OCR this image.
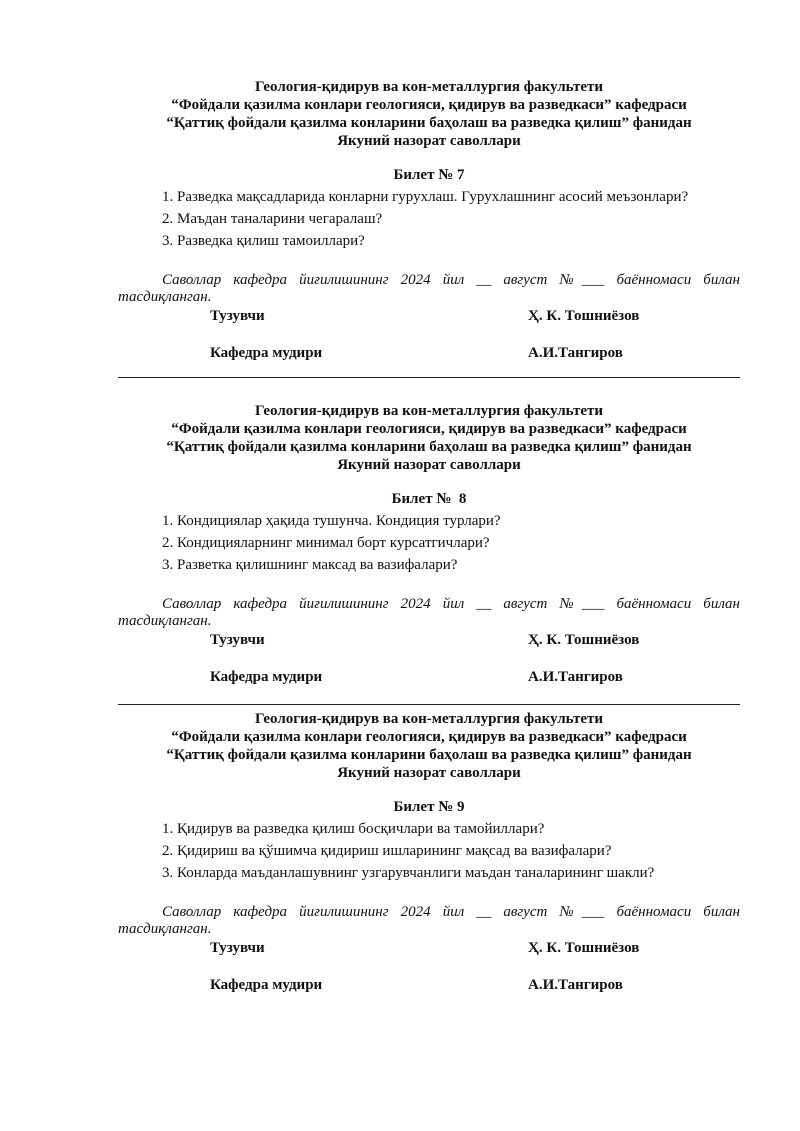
Геология-қидирув ва кон-металлургия факультети
“Фойдали қазилма конлари геологияси, қидирув ва разведкаси” кафедраси
“Қаттиқ фойдали қазилма конларини баҳолаш ва разведка қилиш” фанидан
Якуний назорат саволлари
Билет № 7
1. Разведка мақсадларида конларни гурухлаш. Гурухлашнинг асосий меъзонлари?
2. Маъдан таналарини чегаралаш?
3. Разведка қилиш тамоиллари?
Саволлар кафедра йиғилишининг 2024 йил __ август №___ баённомаси билан тасдиқланган.
Тузувчи	Ҳ. К. Тошниёзов
Кафедра мудири	А.И.Тангиров
Геология-қидирув ва кон-металлургия факультети
“Фойдали қазилма конлари геологияси, қидирув ва разведкаси” кафедраси
“Қаттиқ фойдали қазилма конларини баҳолаш ва разведка қилиш” фанидан
Якуний назорат саволлари
Билет №  8
1. Кондициялар ҳақида тушунча. Кондиция турлари?
2. Кондицияларнинг минимал борт курсатгичлари?
3. Разветка қилишнинг максад ва вазифалари?
Саволлар кафедра йиғилишининг 2024 йил __ август №___ баённомаси билан тасдиқланган.
Тузувчи	Ҳ. К. Тошниёзов
Кафедра мудири	А.И.Тангиров
Геология-қидирув ва кон-металлургия факультети
“Фойдали қазилма конлари геологияси, қидирув ва разведкаси” кафедраси
“Қаттиқ фойдали қазилма конларини баҳолаш ва разведка қилиш” фанидан
Якуний назорат саволлари
Билет № 9
1. Қидирув ва разведка қилиш босқичлари ва тамойиллари?
2. Қидириш ва қўшимча қидириш ишларининг мақсад ва вазифалари?
3. Конларда маъданлашувнинг узгарувчанлиги маъдан таналарининг шакли?
Саволлар кафедра йиғилишининг 2024 йил __ август №___ баённомаси билан тасдиқланган.
Тузувчи	Ҳ. К. Тошниёзов
Кафедра мудири	А.И.Тангиров
